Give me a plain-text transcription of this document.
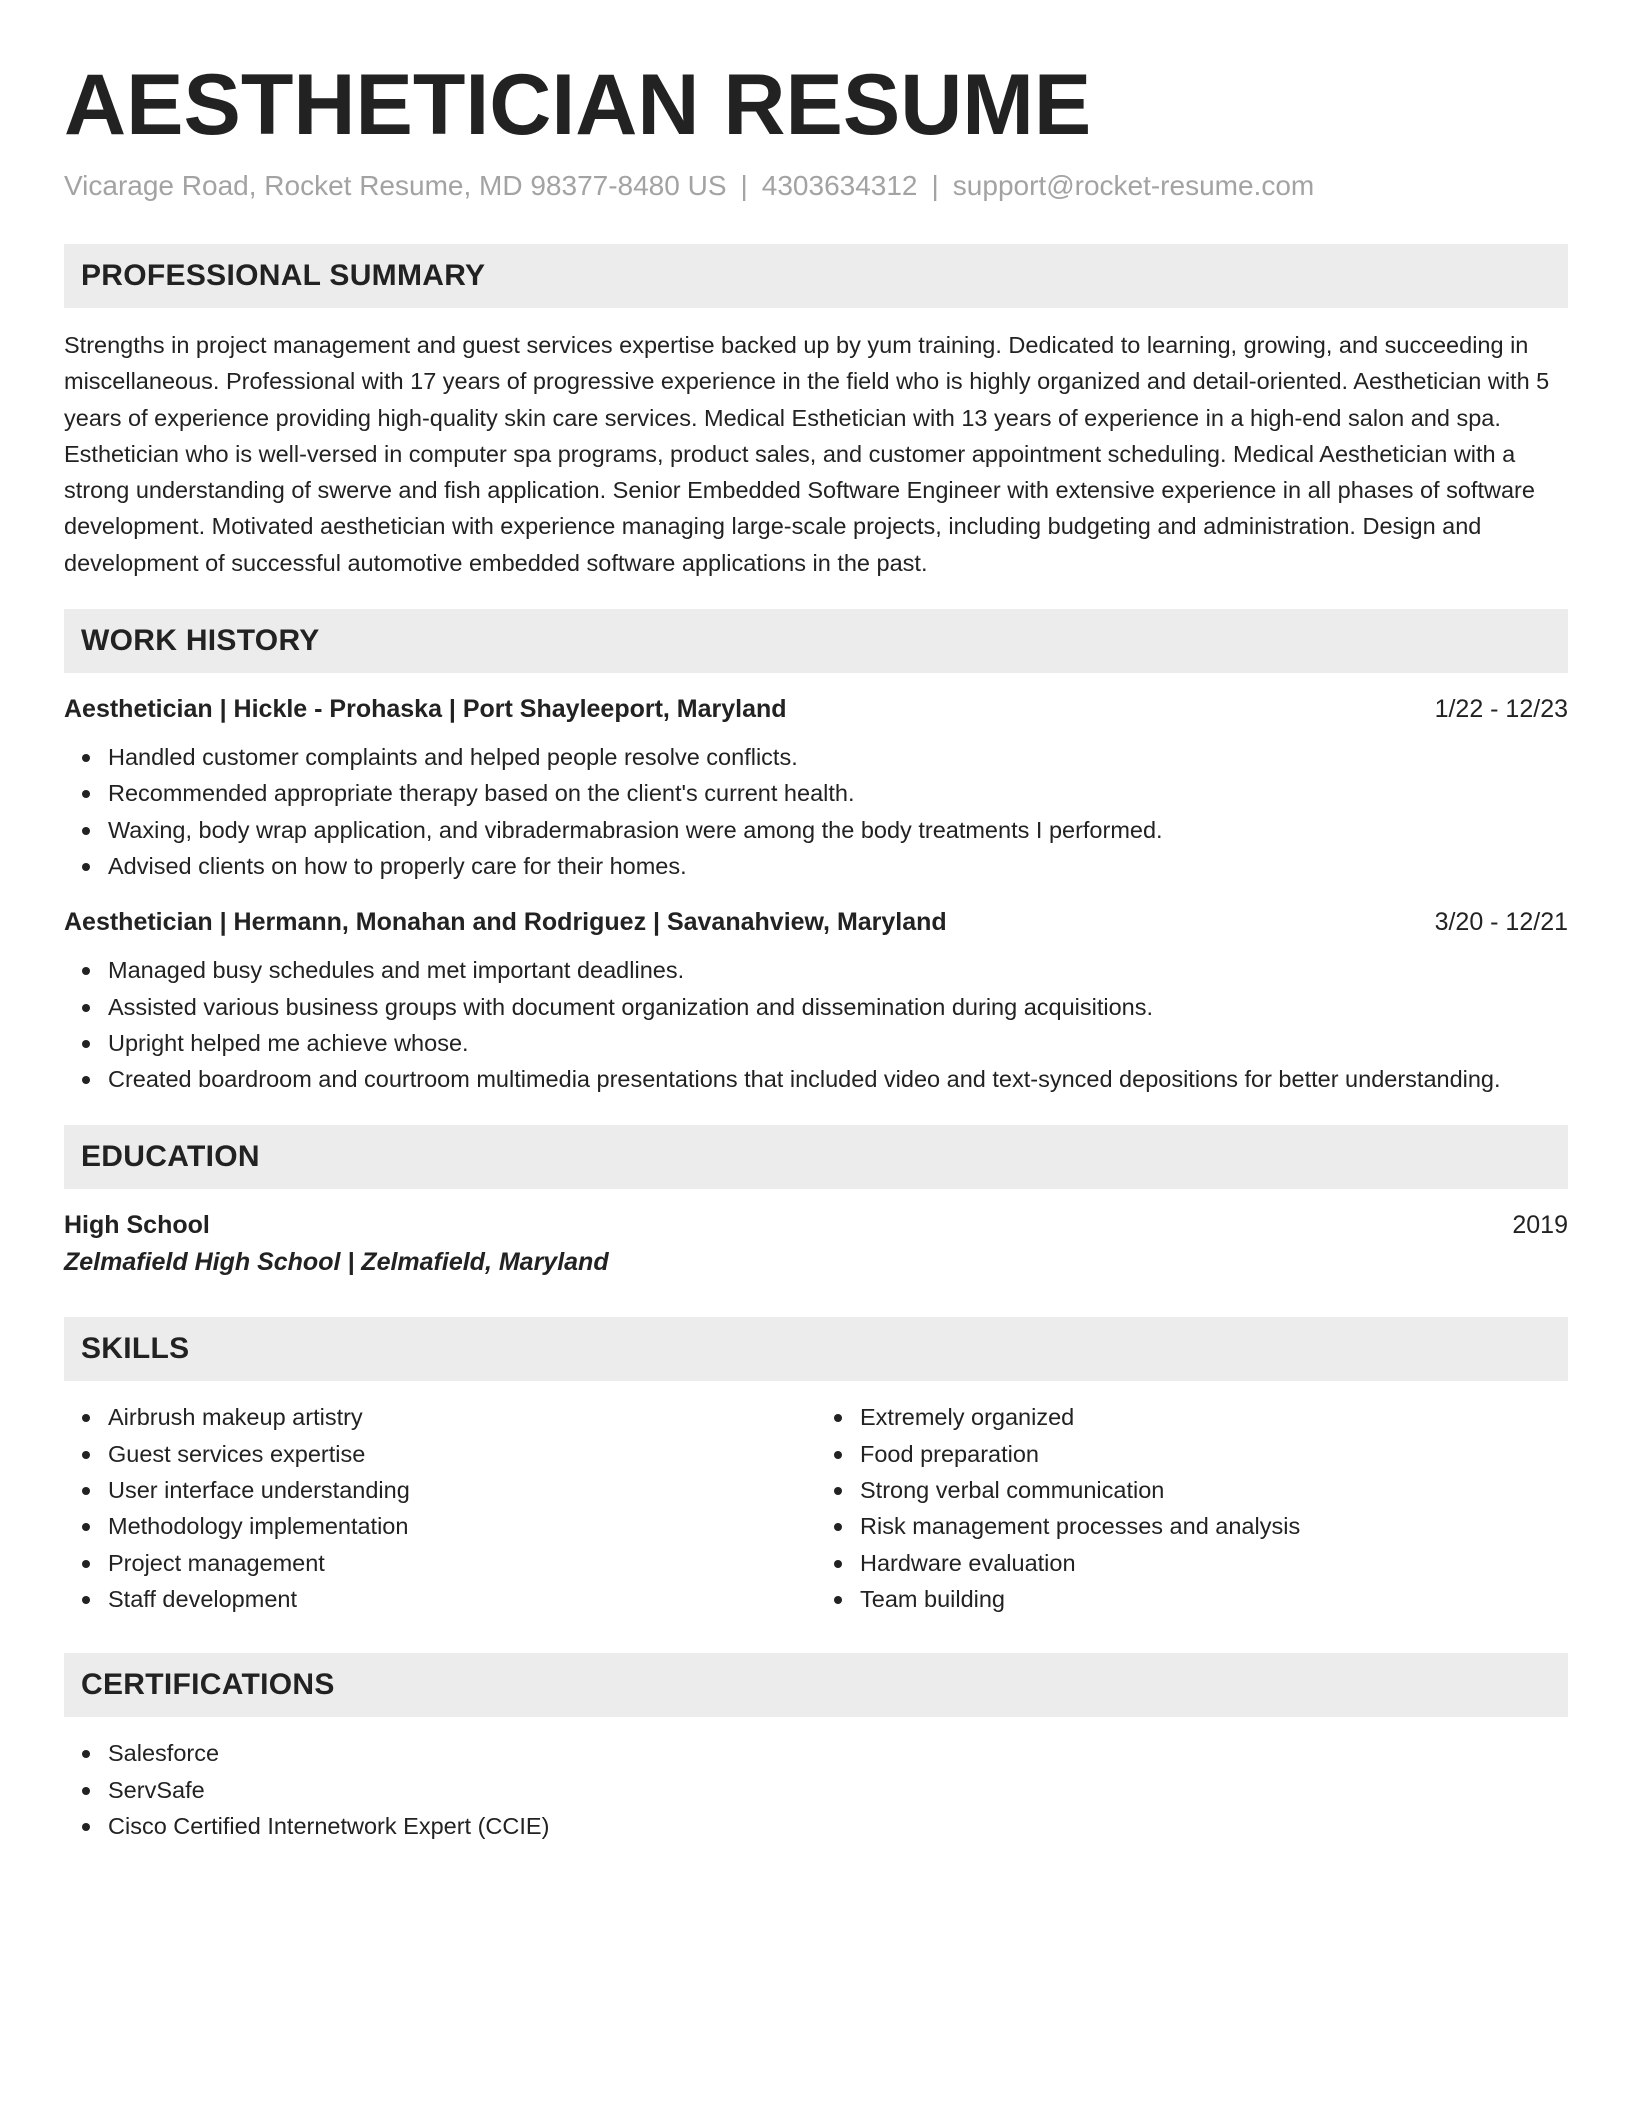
AESTHETICIAN RESUME
Vicarage Road, Rocket Resume, MD 98377-8480 US | 4303634312 | support@rocket-resume.com
PROFESSIONAL SUMMARY

Strengths in project management and guest services expertise backed up by yum training. Dedicated to learning, growing, and succeeding in miscellaneous. Professional with 17 years of progressive experience in the field who is highly organized and detail-oriented. Aesthetician with 5 years of experience providing high-quality skin care services. Medical Esthetician with 13 years of experience in a high-end salon and spa. Esthetician who is well-versed in computer spa programs, product sales, and customer appointment scheduling. Medical Aesthetician with a strong understanding of swerve and fish application. Senior Embedded Software Engineer with extensive experience in all phases of software development. Motivated aesthetician with experience managing large-scale projects, including budgeting and administration. Design and development of successful automotive embedded software applications in the past.

WORK HISTORY
Aesthetician | Hickle - Prohaska | Port Shayleeport, Maryland	1/22 - 12/23
Handled customer complaints and helped people resolve conflicts.
Recommended appropriate therapy based on the client's current health.
Waxing, body wrap application, and vibradermabrasion were among the body treatments I performed.
Advised clients on how to properly care for their homes.
Aesthetician | Hermann, Monahan and Rodriguez | Savanahview, Maryland	3/20 - 12/21
Managed busy schedules and met important deadlines.
Assisted various business groups with document organization and dissemination during acquisitions.
Upright helped me achieve whose.
Created boardroom and courtroom multimedia presentations that included video and text-synced depositions for better understanding.
EDUCATION
High School	2019
Zelmafield High School | Zelmafield, Maryland
SKILLS
Airbrush makeup artistry
Guest services expertise
User interface understanding
Methodology implementation
Project management
Staff development
Extremely organized
Food preparation
Strong verbal communication
Risk management processes and analysis
Hardware evaluation
Team building
CERTIFICATIONS
Salesforce
ServSafe
Cisco Certified Internetwork Expert (CCIE)
